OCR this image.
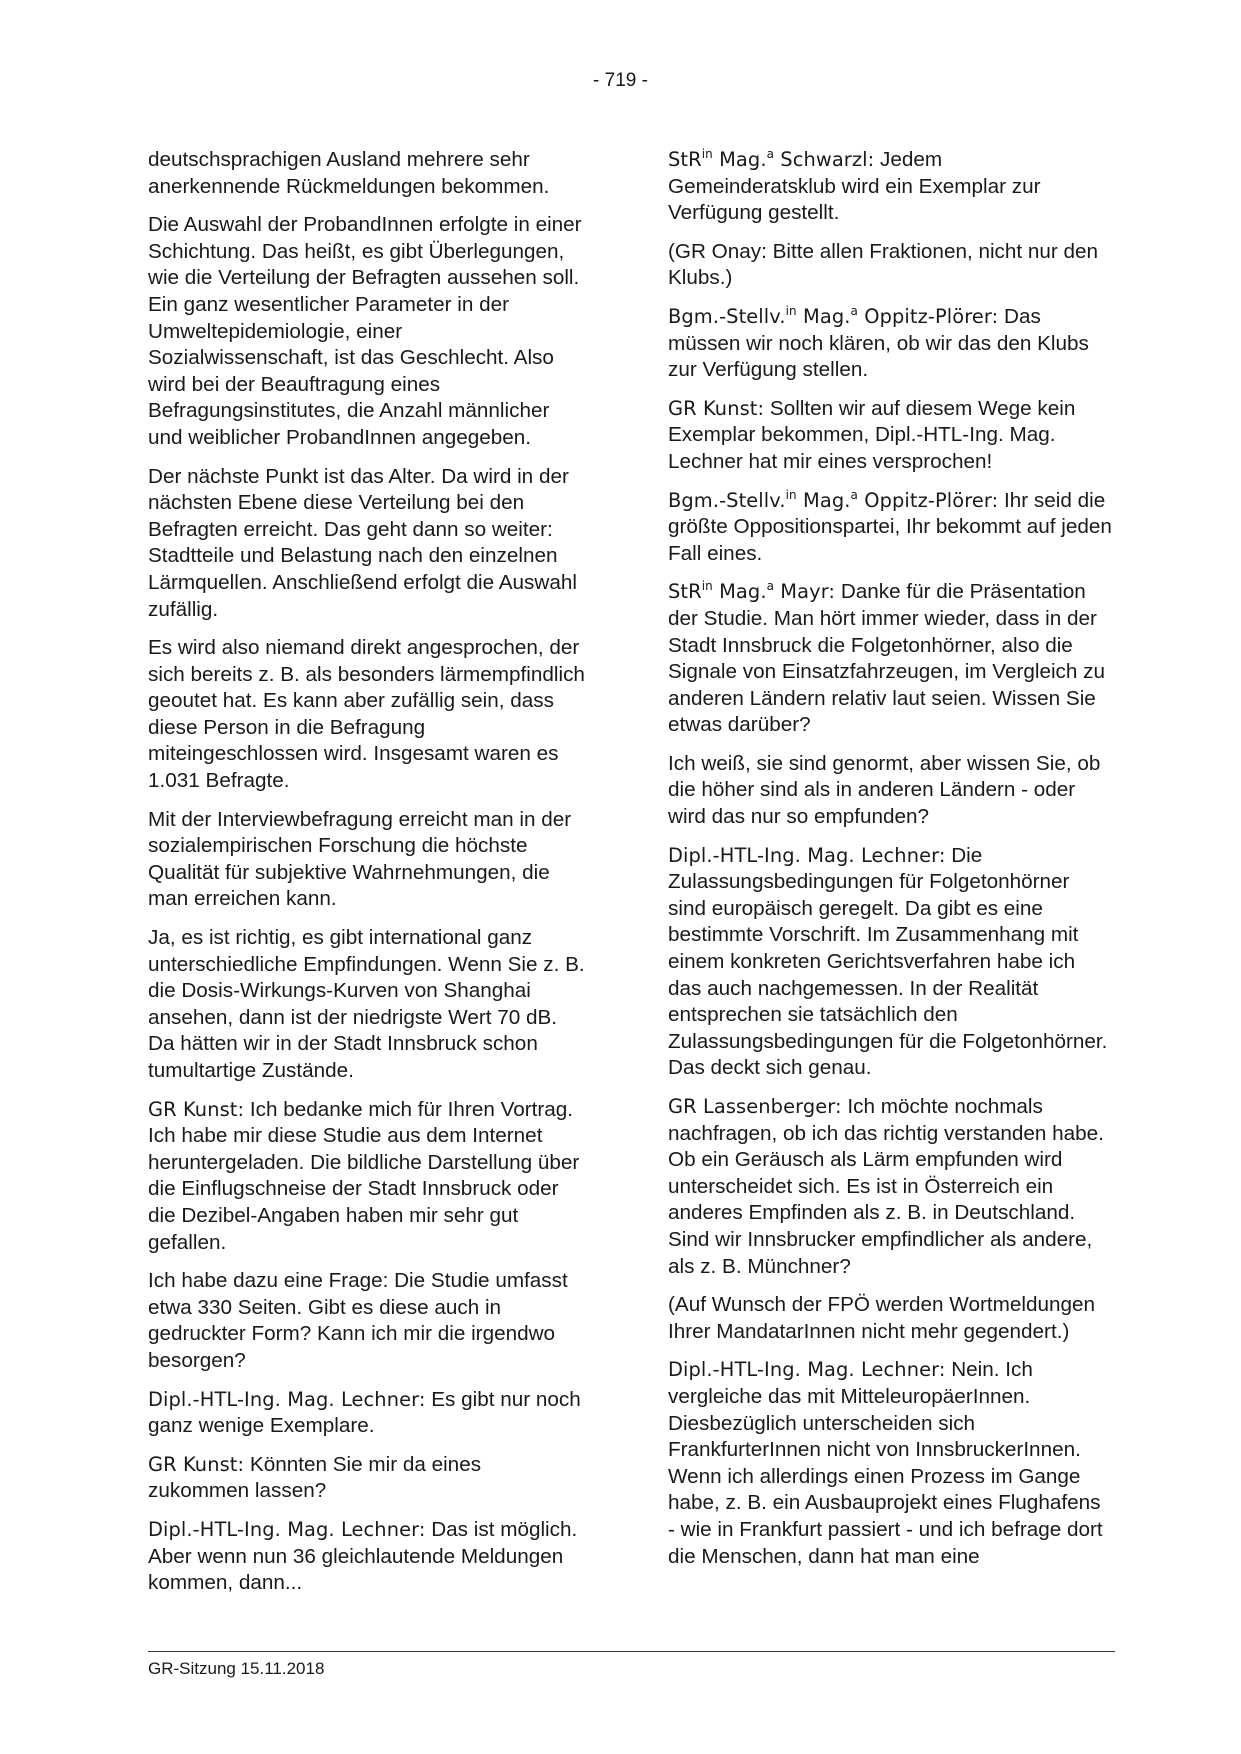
- 719 -

deutschsprachigen Ausland mehrere sehr anerkennende Rückmeldungen bekommen.

Die Auswahl der ProbandInnen erfolgte in einer Schichtung. Das heißt, es gibt Überlegungen, wie die Verteilung der Befragten aussehen soll. Ein ganz wesentlicher Parameter in der Umweltepidemiologie, einer Sozialwissenschaft, ist das Geschlecht. Also wird bei der Beauftragung eines Befragungsinstitutes, die Anzahl männlicher und weiblicher ProbandInnen angegeben.

Der nächste Punkt ist das Alter. Da wird in der nächsten Ebene diese Verteilung bei den Befragten erreicht. Das geht dann so weiter: Stadtteile und Belastung nach den einzelnen Lärmquellen. Anschließend erfolgt die Auswahl zufällig.

Es wird also niemand direkt angesprochen, der sich bereits z. B. als besonders lärmempfindlich geoutet hat. Es kann aber zufällig sein, dass diese Person in die Befragung miteingeschlossen wird. Insgesamt waren es 1.031 Befragte.

Mit der Interviewbefragung erreicht man in der sozialempirischen Forschung die höchste Qualität für subjektive Wahrnehmungen, die man erreichen kann.

Ja, es ist richtig, es gibt international ganz unterschiedliche Empfindungen. Wenn Sie z. B. die Dosis-Wirkungs-Kurven von Shanghai ansehen, dann ist der niedrigste Wert 70 dB. Da hätten wir in der Stadt Innsbruck schon tumultartige Zustände.

GR Kunst: Ich bedanke mich für Ihren Vortrag. Ich habe mir diese Studie aus dem Internet heruntergeladen. Die bildliche Darstellung über die Einflugschneise der Stadt Innsbruck oder die Dezibel-Angaben haben mir sehr gut gefallen.

Ich habe dazu eine Frage: Die Studie umfasst etwa 330 Seiten. Gibt es diese auch in gedruckter Form? Kann ich mir die irgendwo besorgen?

Dipl.-HTL-Ing. Mag. Lechner: Es gibt nur noch ganz wenige Exemplare.

GR Kunst: Könnten Sie mir da eines zukommen lassen?

Dipl.-HTL-Ing. Mag. Lechner: Das ist möglich. Aber wenn nun 36 gleichlautende Meldungen kommen, dann...

StR$^{in}$ Mag.$^a$ Schwarzl: Jedem Gemeinderatsklub wird ein Exemplar zur Verfügung gestellt.

(GR Onay: Bitte allen Fraktionen, nicht nur den Klubs.)

Bgm.-Stellv.$^{in}$ Mag.$^a$ Oppitz-Plörer: Das müssen wir noch klären, ob wir das den Klubs zur Verfügung stellen.

GR Kunst: Sollten wir auf diesem Wege kein Exemplar bekommen, Dipl.-HTL-Ing. Mag. Lechner hat mir eines versprochen!

Bgm.-Stellv.$^{in}$ Mag.$^a$ Oppitz-Plörer: Ihr seid die größte Oppositionspartei, Ihr bekommt auf jeden Fall eines.

StR$^{in}$ Mag.$^a$ Mayr: Danke für die Präsentation der Studie. Man hört immer wieder, dass in der Stadt Innsbruck die Folgetonhörner, also die Signale von Einsatzfahrzeugen, im Vergleich zu anderen Ländern relativ laut seien. Wissen Sie etwas darüber?

Ich weiß, sie sind genormt, aber wissen Sie, ob die höher sind als in anderen Ländern - oder wird das nur so empfunden?

Dipl.-HTL-Ing. Mag. Lechner: Die Zulassungsbedingungen für Folgetonhörner sind europäisch geregelt. Da gibt es eine bestimmte Vorschrift. Im Zusammenhang mit einem konkreten Gerichtsverfahren habe ich das auch nachgemessen. In der Realität entsprechen sie tatsächlich den Zulassungsbedingungen für die Folgetonhörner. Das deckt sich genau.

GR Lassenberger: Ich möchte nochmals nachfragen, ob ich das richtig verstanden habe. Ob ein Geräusch als Lärm empfunden wird unterscheidet sich. Es ist in Österreich ein anderes Empfinden als z. B. in Deutschland. Sind wir Innsbrucker empfindlicher als andere, als z. B. Münchner?

(Auf Wunsch der FPÖ werden Wortmeldungen Ihrer MandatarInnen nicht mehr gegendert.)

Dipl.-HTL-Ing. Mag. Lechner: Nein. Ich vergleiche das mit MitteleuropäerInnen. Diesbezüglich unterscheiden sich FrankfurterInnen nicht von InnsbruckerInnen. Wenn ich allerdings einen Prozess im Gange habe, z. B. ein Ausbauprojekt eines Flughafens - wie in Frankfurt passiert - und ich befrage dort die Menschen, dann hat man eine

GR-Sitzung 15.11.2018
